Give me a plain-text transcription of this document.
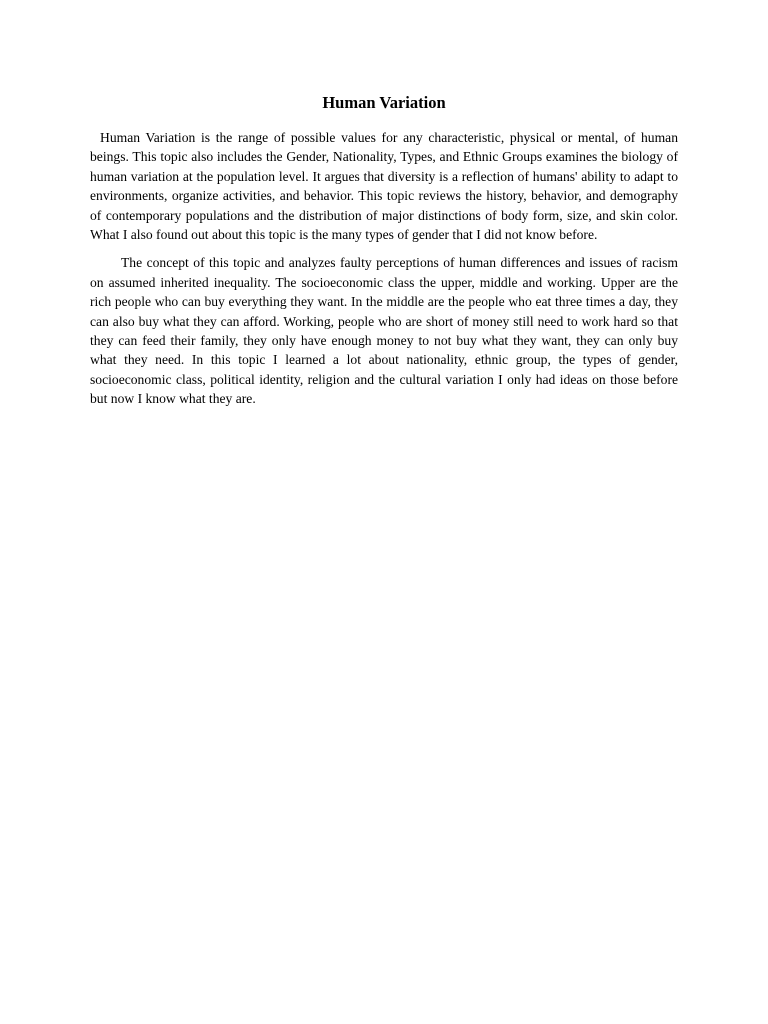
Human Variation

Human Variation is the range of possible values for any characteristic, physical or mental, of human beings. This topic also includes the Gender, Nationality, Types, and Ethnic Groups examines the biology of human variation at the population level. It argues that diversity is a reflection of humans' ability to adapt to environments, organize activities, and behavior. This topic reviews the history, behavior, and demography of contemporary populations and the distribution of major distinctions of body form, size, and skin color. What I also found out about this topic is the many types of gender that I did not know before.

The concept of this topic and analyzes faulty perceptions of human differences and issues of racism on assumed inherited inequality. The socioeconomic class the upper, middle and working. Upper are the rich people who can buy everything they want. In the middle are the people who eat three times a day, they can also buy what they can afford. Working, people who are short of money still need to work hard so that they can feed their family, they only have enough money to not buy what they want, they can only buy what they need. In this topic I learned a lot about nationality, ethnic group, the types of gender, socioeconomic class, political identity, religion and the cultural variation I only had ideas on those before but now I know what they are.
